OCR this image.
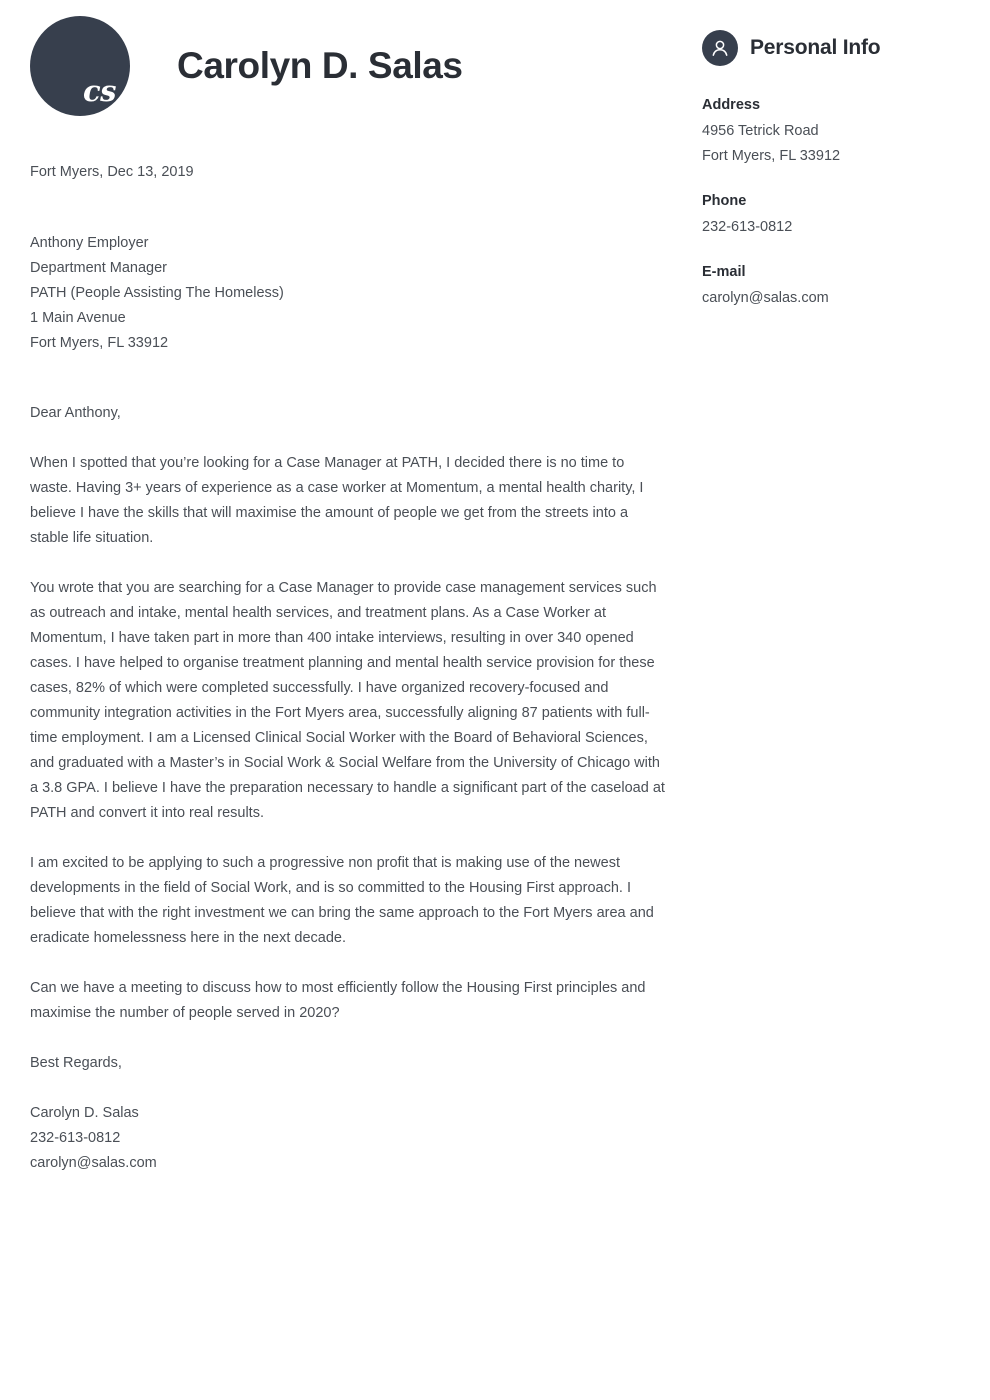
cs
Carolyn D. Salas
Fort Myers, Dec 13, 2019
Anthony Employer
Department Manager
PATH (People Assisting The Homeless)
1 Main Avenue
Fort Myers, FL 33912
Dear Anthony,

When I spotted that you’re looking for a Case Manager at PATH, I decided there is no time to waste. Having 3+ years of experience as a case worker at Momentum, a mental health charity, I believe I have the skills that will maximise the amount of people we get from the streets into a stable life situation.

You wrote that you are searching for a Case Manager to provide case management services such as outreach and intake, mental health services, and treatment plans. As a Case Worker at Momentum, I have taken part in more than 400 intake interviews, resulting in over 340 opened cases. I have helped to organise treatment planning and mental health service provision for these cases, 82% of which were completed successfully. I have organized recovery-focused and community integration activities in the Fort Myers area, successfully aligning 87 patients with full-time employment. I am a Licensed Clinical Social Worker with the Board of Behavioral Sciences, and graduated with a Master’s in Social Work & Social Welfare from the University of Chicago with a 3.8 GPA. I believe I have the preparation necessary to handle a significant part of the caseload at PATH and convert it into real results.

I am excited to be applying to such a progressive non profit that is making use of the newest developments in the field of Social Work, and is so committed to the Housing First approach. I believe that with the right investment we can bring the same approach to the Fort Myers area and eradicate homelessness here in the next decade.

Can we have a meeting to discuss how to most efficiently follow the Housing First principles and maximise the number of people served in 2020?

Best Regards,
Carolyn D. Salas
232-613-0812
carolyn@salas.com
Personal Info
Address
4956 Tetrick Road
Fort Myers, FL 33912
Phone
232-613-0812
E-mail
carolyn@salas.com
